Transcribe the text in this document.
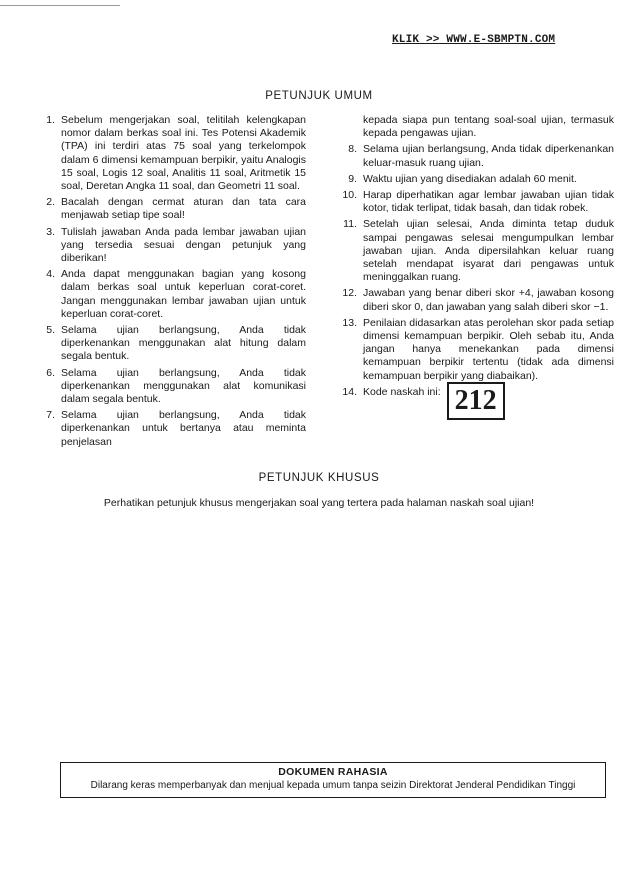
KLIK >> WWW.E-SBMPTN.COM
PETUNJUK UMUM
1. Sebelum mengerjakan soal, telitilah kelengkapan nomor dalam berkas soal ini. Tes Potensi Akademik (TPA) ini terdiri atas 75 soal yang terkelompok dalam 6 dimensi kemampuan berpikir, yaitu Analogis 15 soal, Logis 12 soal, Analitis 11 soal, Aritmetik 15 soal, Deretan Angka 11 soal, dan Geometri 11 soal.
2. Bacalah dengan cermat aturan dan tata cara menjawab setiap tipe soal!
3. Tulislah jawaban Anda pada lembar jawaban ujian yang tersedia sesuai dengan petunjuk yang diberikan!
4. Anda dapat menggunakan bagian yang kosong dalam berkas soal untuk keperluan corat-coret. Jangan menggunakan lembar jawaban ujian untuk keperluan corat-coret.
5. Selama ujian berlangsung, Anda tidak diperkenankan menggunakan alat hitung dalam segala bentuk.
6. Selama ujian berlangsung, Anda tidak diperkenankan menggunakan alat komunikasi dalam segala bentuk.
7. Selama ujian berlangsung, Anda tidak diperkenankan untuk bertanya atau meminta penjelasan
kepada siapa pun tentang soal-soal ujian, termasuk kepada pengawas ujian.
8. Selama ujian berlangsung, Anda tidak diperkenankan keluar-masuk ruang ujian.
9. Waktu ujian yang disediakan adalah 60 menit.
10. Harap diperhatikan agar lembar jawaban ujian tidak kotor, tidak terlipat, tidak basah, dan tidak robek.
11. Setelah ujian selesai, Anda diminta tetap duduk sampai pengawas selesai mengumpulkan lembar jawaban ujian. Anda dipersilahkan keluar ruang setelah mendapat isyarat dari pengawas untuk meninggalkan ruang.
12. Jawaban yang benar diberi skor +4, jawaban kosong diberi skor 0, dan jawaban yang salah diberi skor −1.
13. Penilaian didasarkan atas perolehan skor pada setiap dimensi kemampuan berpikir. Oleh sebab itu, Anda jangan hanya menekankan pada dimensi kemampuan berpikir tertentu (tidak ada dimensi kemampuan berpikir yang diabaikan).
14. Kode naskah ini: 212
PETUNJUK KHUSUS
Perhatikan petunjuk khusus mengerjakan soal yang tertera pada halaman naskah soal ujian!
DOKUMEN RAHASIA
Dilarang keras memperbanyak dan menjual kepada umum tanpa seizin Direktorat Jenderal Pendidikan Tinggi
